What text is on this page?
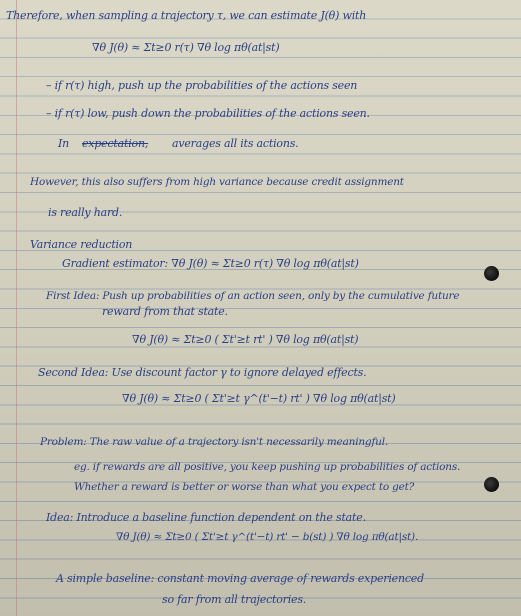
Therefore, when sampling a trajectory τ, we can estimate J(θ) with
∇θ J(θ) ≈ Σt≥0 r(τ) ∇θ log πθ(at|st)
– if r(τ) high, push up the probabilities of the actions seen
– if r(τ) low, push down the probabilities of the actions seen.
In expectation, averages all its actions.
However, this also suffers from high variance because credit assignment
is really hard.
Variance reduction
Gradient estimator: ∇θ J(θ) ≈ Σt≥0 r(τ) ∇θ log πθ(at|st)
First Idea: Push up probabilities of an action seen, only by the cumulative future
reward from that state.
∇θ J(θ) ≈ Σt≥0 ( Σt'≥t rt' ) ∇θ log πθ(at|st)
Second Idea: Use discount factor γ to ignore delayed effects.
∇θ J(θ) ≈ Σt≥0 ( Σt'≥t γ^(t'−t) rt' ) ∇θ log πθ(at|st)
Problem: The raw value of a trajectory isn't necessarily meaningful.
eg. if rewards are all positive, you keep pushing up probabilities of actions.
Whether a reward is better or worse than what you expect to get?
Idea: Introduce a baseline function dependent on the state.
∇θ J(θ) ≈ Σt≥0 ( Σt'≥t γ^(t'−t) rt' − b(st) ) ∇θ log πθ(at|st).
A simple baseline: constant moving average of rewards experienced
so far from all trajectories.
